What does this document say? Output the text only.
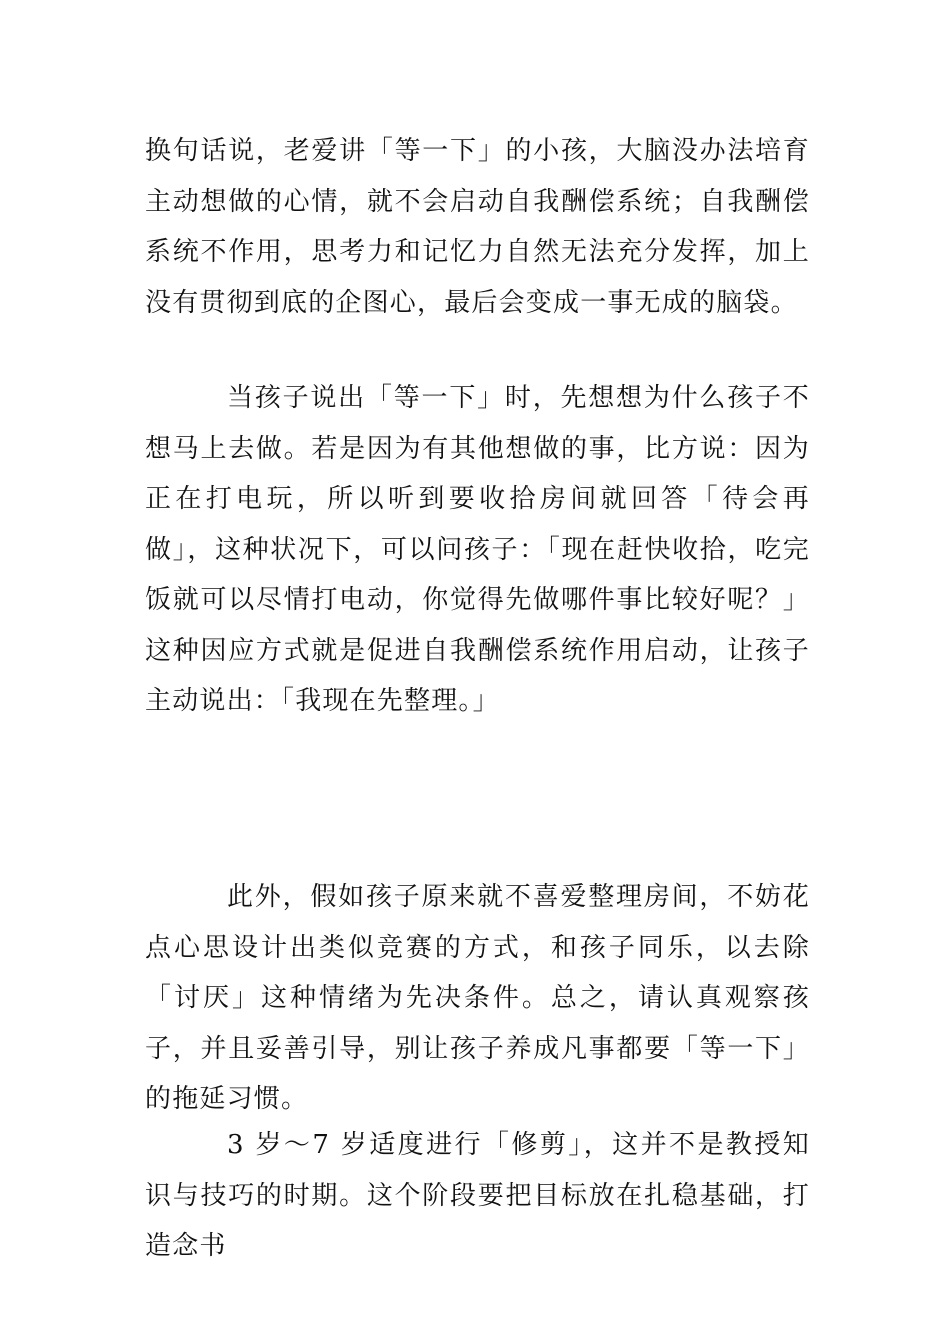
换句话说，老爱讲「等一下」的小孩，大脑没办法培育主动想做的心情，就不会启动自我酬偿系统；自我酬偿系统不作用，思考力和记忆力自然无法充分发挥，加上没有贯彻到底的企图心，最后会变成一事无成的脑袋。

当孩子说出「等一下」时，先想想为什么孩子不想马上去做。若是因为有其他想做的事，比方说：因为正在打电玩，所以听到要收拾房间就回答「待会再做」，这种状况下，可以问孩子：「现在赶快收拾，吃完饭就可以尽情打电动，你觉得先做哪件事比较好呢？」这种因应方式就是促进自我酬偿系统作用启动，让孩子主动说出：「我现在先整理。」

此外，假如孩子原来就不喜爱整理房间，不妨花点心思设计出类似竞赛的方式，和孩子同乐，以去除「讨厌」这种情绪为先决条件。总之，请认真观察孩子，并且妥善引导，别让孩子养成凡事都要「等一下」的拖延习惯。

3 岁～7 岁适度进行「修剪」，这并不是教授知识与技巧的时期。这个阶段要把目标放在扎稳基础，打造念书
